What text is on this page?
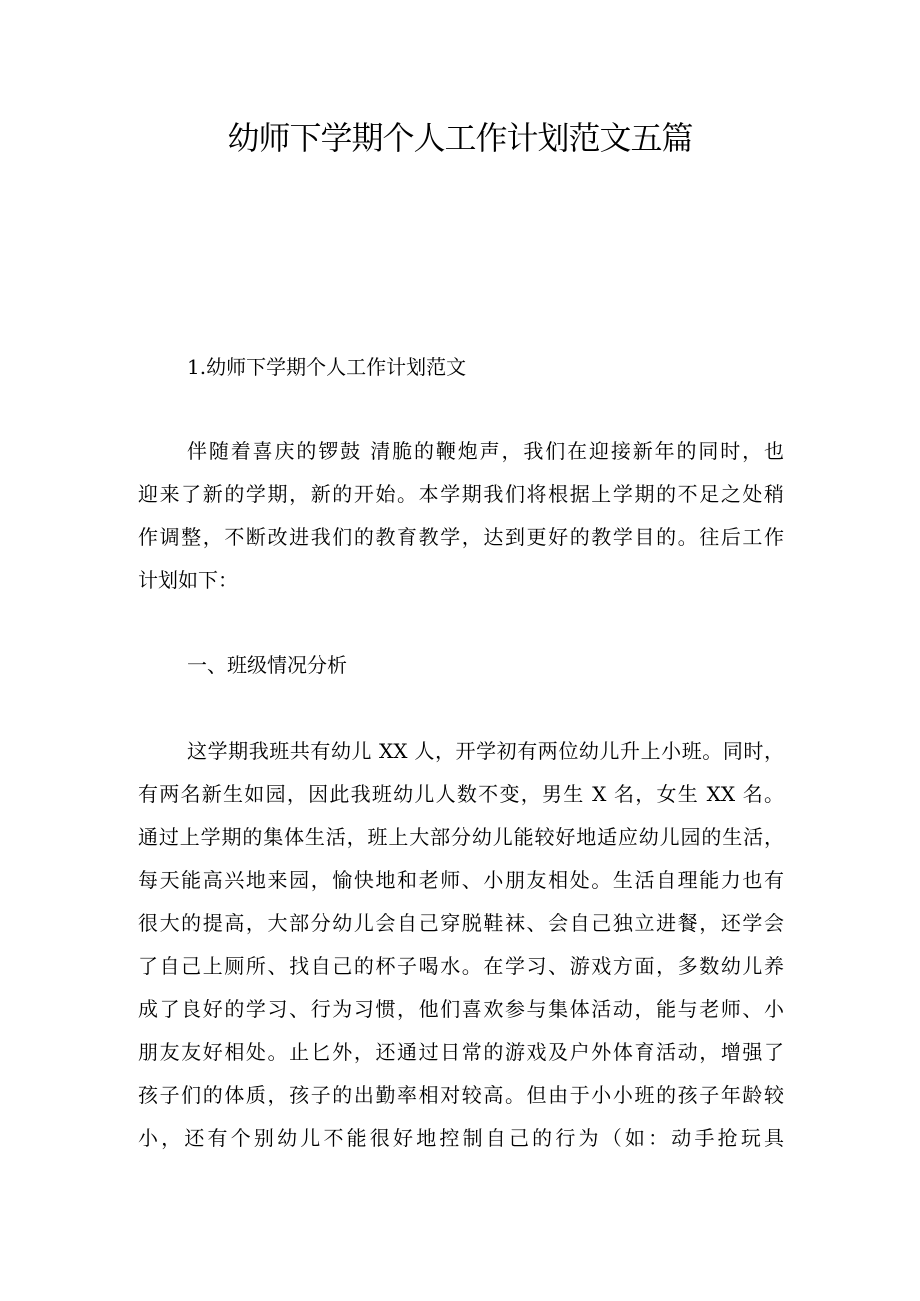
幼师下学期个人工作计划范文五篇
1.幼师下学期个人工作计划范文
伴随着喜庆的锣鼓 清脆的鞭炮声，我们在迎接新年的同时，也
迎来了新的学期，新的开始。本学期我们将根据上学期的不足之处稍
作调整，不断改进我们的教育教学，达到更好的教学目的。往后工作
计划如下：
一、班级情况分析
这学期我班共有幼儿 XX 人，开学初有两位幼儿升上小班。同时，
有两名新生如园，因此我班幼儿人数不变，男生 X 名，女生 XX 名。
通过上学期的集体生活，班上大部分幼儿能较好地适应幼儿园的生活，
每天能高兴地来园，愉快地和老师、小朋友相处。生活自理能力也有
很大的提高，大部分幼儿会自己穿脱鞋袜、会自己独立进餐，还学会
了自己上厕所、找自己的杯子喝水。在学习、游戏方面，多数幼儿养
成了良好的学习、行为习惯，他们喜欢参与集体活动，能与老师、小
朋友友好相处。止匕外，还通过日常的游戏及户外体育活动，增强了
孩子们的体质，孩子的出勤率相对较高。但由于小小班的孩子年龄较
小，还有个别幼儿不能很好地控制自己的行为（如：动手抢玩具
